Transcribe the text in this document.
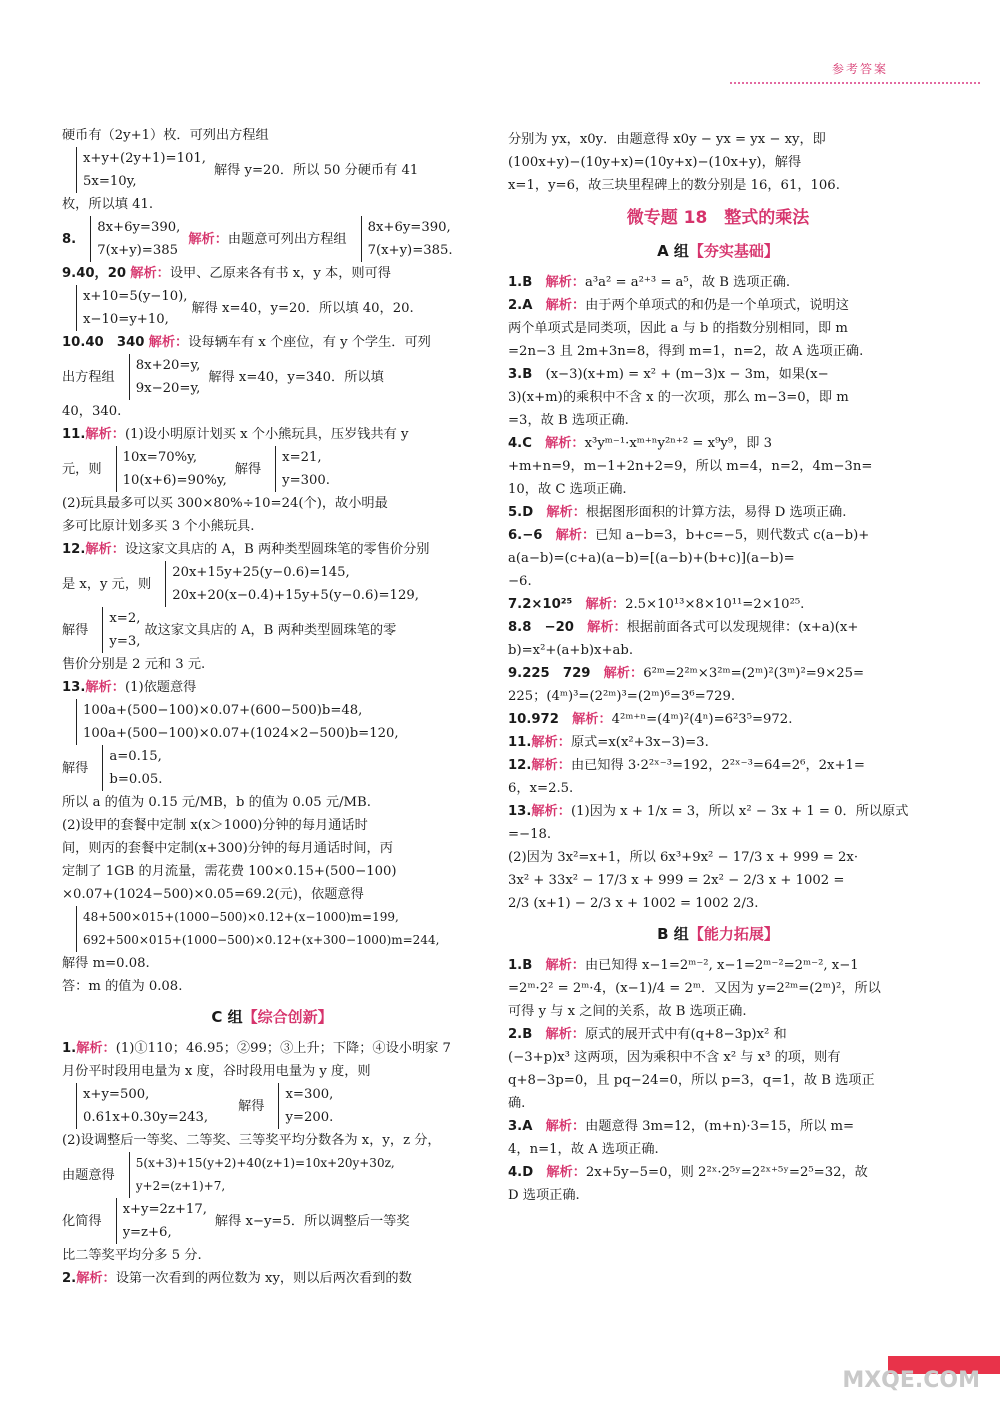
参考答案
硬币有（2y+1）枚．可列出方程组
x+y+(2y+1)=101,
5x=10y,
解得 y=20．所以 50 分硬币有 41
枚，所以填 41.
8.
8x+6y=390,
7(x+y)=385
解析： 由题意可列出方程组
8x+6y=390,
7(x+y)=385.
9.40，20 解析：设甲、乙原来各有书 x，y 本，则可得
x+10=5(y−10),
x−10=y+10,
解得 x=40，y=20．所以填 40，20.
10.40　340 解析：设每辆车有 x 个座位，有 y 个学生．可列
出方程组
8x+20=y,
9x−20=y,
解得 x=40，y=340．所以填
40，340.
11.解析：(1)设小明原计划买 x 个小熊玩具，压岁钱共有 y
元，则
10x=70%y,
10(x+6)=90%y,
解得
x=21,
y=300.
(2)玩具最多可以买 300×80%÷10=24(个)，故小明最
多可比原计划多买 3 个小熊玩具.
12.解析：设这家文具店的 A，B 两种类型圆珠笔的零售价分别
是 x，y 元，则
20x+15y+25(y−0.6)=145,
20x+20(x−0.4)+15y+5(y−0.6)=129,
解得
x=2,
y=3,
故这家文具店的 A，B 两种类型圆珠笔的零
售价分别是 2 元和 3 元.
13.解析：(1)依题意得
100a+(500−100)×0.07+(600−500)b=48,
100a+(500−100)×0.07+(1024×2−500)b=120,
解得
a=0.15,
b=0.05.
所以 a 的值为 0.15 元/MB，b 的值为 0.05 元/MB.
(2)设甲的套餐中定制 x(x＞1000)分钟的每月通话时
间，则丙的套餐中定制(x+300)分钟的每月通话时间，丙
定制了 1GB 的月流量，需花费 100×0.15+(500−100)
×0.07+(1024−500)×0.05=69.2(元)，依题意得
48+500×015+(1000−500)×0.12+(x−1000)m=199,
692+500×015+(1000−500)×0.12+(x+300−1000)m=244,
解得 m=0.08.
答：m 的值为 0.08.
C 组【综合创新】
1.解析：(1)①110；46.95；②99；③上升；下降；④设小明家 7
月份平时段用电量为 x 度，谷时段用电量为 y 度，则
x+y=500,
0.61x+0.30y=243,
解得
x=300,
y=200.
(2)设调整后一等奖、二等奖、三等奖平均分数各为 x，y，z 分，
由题意得
5(x+3)+15(y+2)+40(z+1)=10x+20y+30z,
y+2=(z+1)+7,
化简得
x+y=2z+17,
y=z+6,
解得 x−y=5．所以调整后一等奖
比二等奖平均分多 5 分.
2.解析：设第一次看到的两位数为 xy，则以后两次看到的数
分别为 yx，x0y．由题意得 x0y − yx = yx − xy，即
(100x+y)−(10y+x)=(10y+x)−(10x+y)，解得
x=1，y=6，故三块里程碑上的数分别是 16，61，106.
微专题 18　整式的乘法
A 组【夯实基础】
1.B　 解析：a³a² = a²⁺³ = a⁵，故 B 选项正确.
2.A　 解析：由于两个单项式的和仍是一个单项式，说明这
两个单项式是同类项，因此 a 与 b 的指数分别相同，即 m
=2n−3 且 2m+3n=8，得到 m=1，n=2，故 A 选项正确.
3.B　 (x−3)(x+m) = x² + (m−3)x − 3m，如果(x−
3)(x+m)的乘积中不含 x 的一次项，那么 m−3=0，即 m
=3，故 B 选项正确.
4.C　 解析：x³yᵐ⁻¹·xᵐ⁺ⁿy²ⁿ⁺² = x⁹y⁹，即 3
+m+n=9，m−1+2n+2=9，所以 m=4，n=2，4m−3n=
10，故 C 选项正确.
5.D　 解析：根据图形面积的计算方法，易得 D 选项正确.
6.−6　 解析：已知 a−b=3，b+c=−5，则代数式 c(a−b)+
a(a−b)=(c+a)(a−b)=[(a−b)+(b+c)](a−b)=
−6.
7.2×10²⁵　 解析：2.5×10¹³×8×10¹¹=2×10²⁵.
8.8　−20　 解析：根据前面各式可以发现规律：(x+a)(x+
b)=x²+(a+b)x+ab.
9.225　729　 解析：6²ᵐ=2²ᵐ×3²ᵐ=(2ᵐ)²(3ᵐ)²=9×25=
225；(4ᵐ)³=(2²ᵐ)³=(2ᵐ)⁶=3⁶=729.
10.972　 解析：4²ᵐ⁺ⁿ=(4ᵐ)²(4ⁿ)=6²3⁵=972.
11.解析：原式=x(x²+3x−3)=3.
12.解析：由已知得 3·2²ˣ⁻³=192，2²ˣ⁻³=64=2⁶，2x+1=
6，x=2.5.
13.解析：(1)因为 x + 1/x = 3，所以 x² − 3x + 1 = 0．所以原式
=−18.
(2)因为 3x²=x+1，所以 6x³+9x² − 17/3 x + 999 = 2x·
3x² + 33x² − 17/3 x + 999 = 2x² − 2/3 x + 1002 =
2/3 (x+1) − 2/3 x + 1002 = 1002 2/3.
B 组【能力拓展】
1.B　 解析：由已知得 x−1=2ᵐ⁻², x−1=2ᵐ⁻²=2ᵐ⁻², x−1
=2ᵐ·2² = 2ᵐ·4，(x−1)/4 = 2ᵐ．又因为 y=2²ᵐ=(2ᵐ)²，所以
可得 y 与 x 之间的关系，故 B 选项正确.
2.B　 解析：原式的展开式中有(q+8−3p)x² 和
(−3+p)x³ 这两项，因为乘积中不含 x² 与 x³ 的项，则有
q+8−3p=0，且 pq−24=0，所以 p=3，q=1，故 B 选项正
确.
3.A　 解析：由题意得 3m=12，(m+n)·3=15，所以 m=
4，n=1，故 A 选项正确.
4.D　 解析：2x+5y−5=0，则 2²ˣ·2⁵ʸ=2²ˣ⁺⁵ʸ=2⁵=32，故
D 选项正确.
MXQE.COM
